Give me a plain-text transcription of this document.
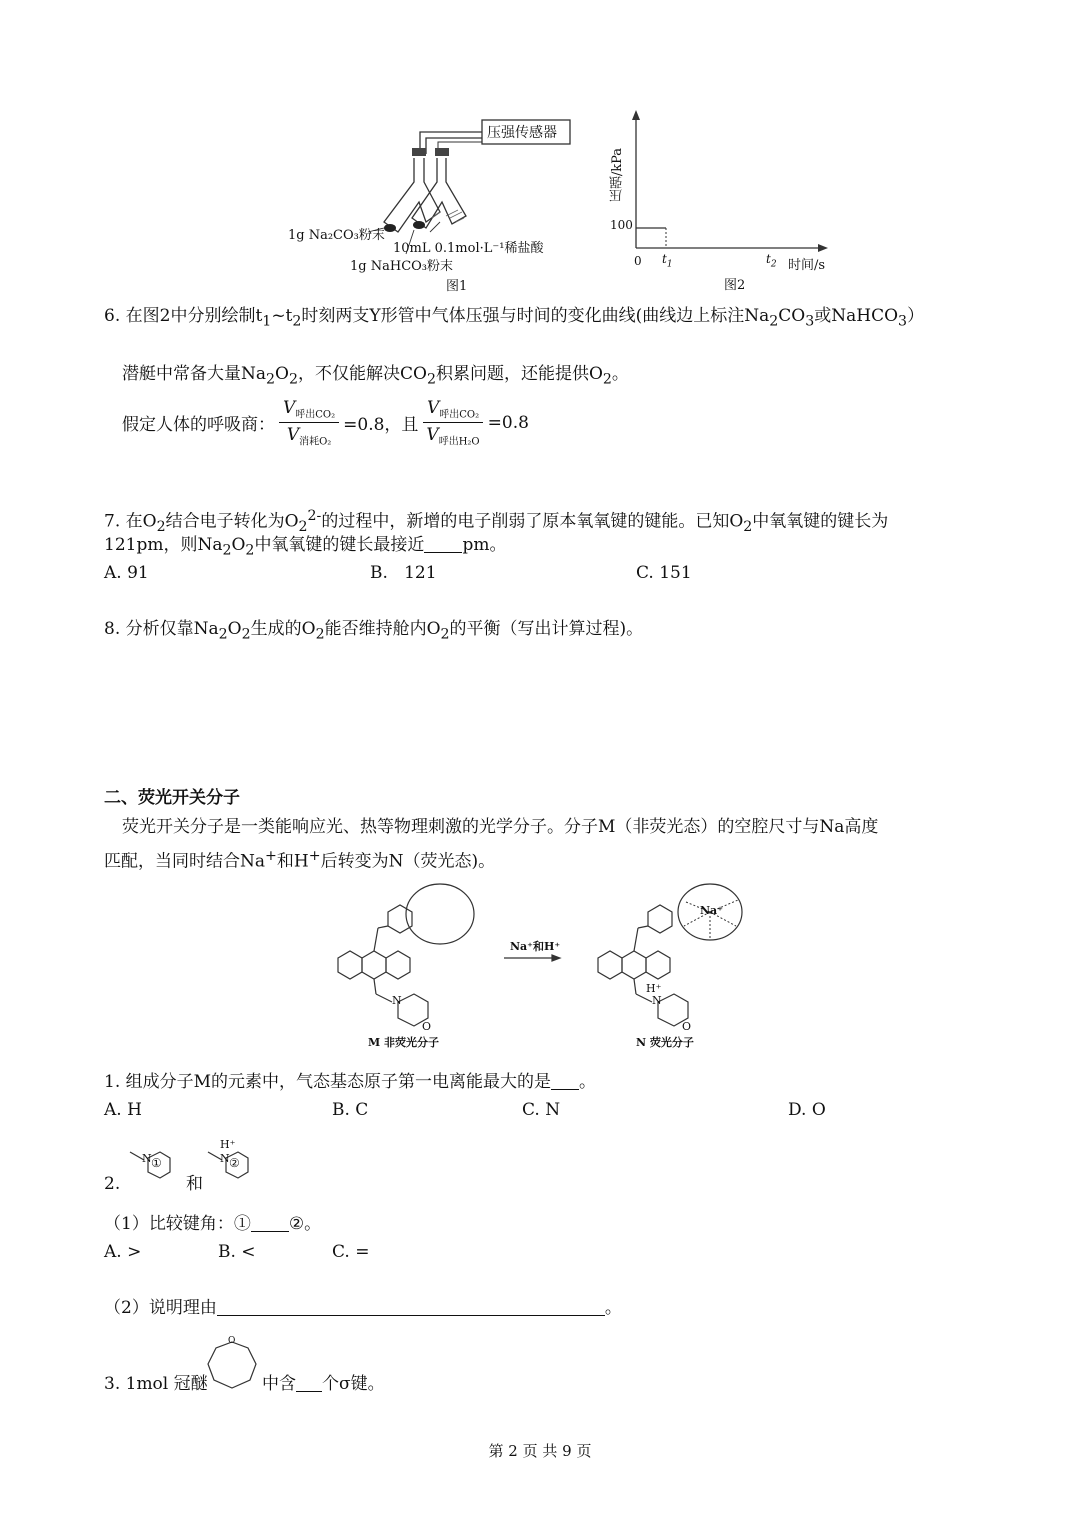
压强传感器
1g Na₂CO₃粉末
10mL 0.1mol·L⁻¹稀盐酸
1g NaHCO₃粉末
图1
压强/kPa
100
0 $t_1$	$t_2$ 时间/s
图2
6. 在图2中分别绘制$t_1\sim t_2$时刻两支Y形管中气体压强与时间的变化曲线(曲线边上标注$Na_2CO_3$或NaHCO$_3$）
潜艇中常备大量$Na_2O_2$，不仅能解决$CO_2$积累问题，还能提供$O_2$。
假定人体的呼吸商： $\frac{V_{呼出CO_2}}{V_{消耗O_2}} =0.8$，且 $\frac{V_{呼出CO_2}}{V_{呼出H_2O}} =0.8$
7. 在$O_2$结合电子转化为$O_2^{2-}$的过程中，新增的电子削弱了原本氧氧键的键能。已知$O_2$中氧氧键的键长为
121pm，则$Na_2O_2$中氧氧键的键长最接近 pm。
A. 91	B.   121	C. 151
8. 分析仅靠$Na_2O_2$生成的$O_2$能否维持舱内$O_2$的平衡（写出计算过程)。
二、荧光开关分子
荧光开关分子是一类能响应光、热等物理刺激的光学分子。分子M（非荧光态）的空腔尺寸与Na高度
匹配，当同时结合Na+和H+后转变为N（荧光态)。
N
O
Na⁺和H⁺
Na⁺
H⁺
N
O
M 非荧光分子	N 荧光分子
1. 组成分子M的元素中，气态基态原子第一电离能最大的是 。
A. H	B. C	C. N	D. O
2.
N ①
和
H⁺
N ②
（1）比较键角：① ②。
A. >	B. <	C. =
（2）说明理由	。
3. 1mol 冠醚
O
中含 个σ键。
第 2 页 共 9 页
